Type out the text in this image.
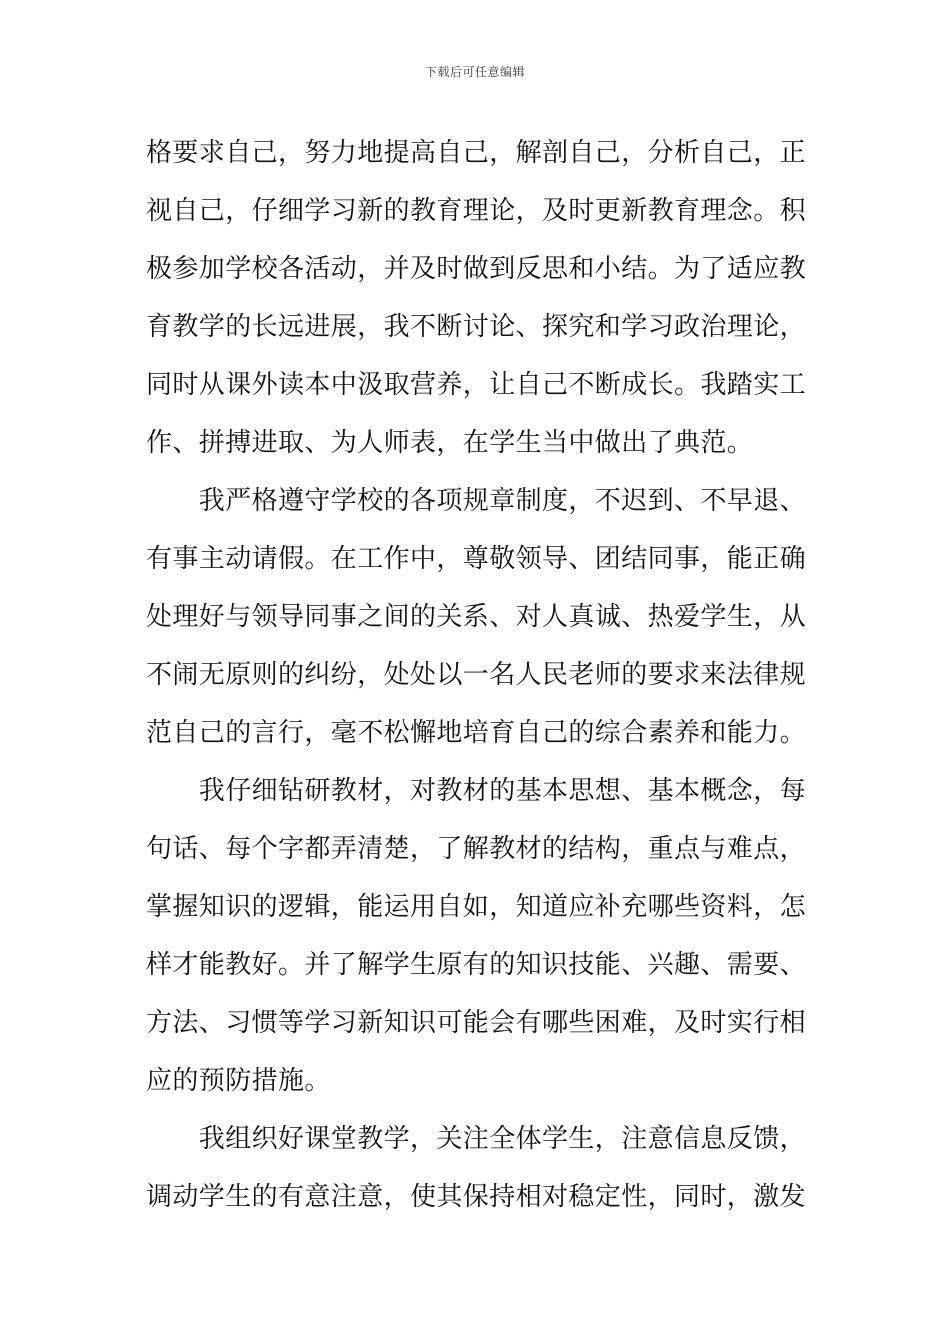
下载后可任意编辑
格要求自己，努力地提高自己，解剖自己，分析自己，正
视自己，仔细学习新的教育理论，及时更新教育理念。积
极参加学校各活动，并及时做到反思和小结。为了适应教
育教学的长远进展，我不断讨论、探究和学习政治理论，
同时从课外读本中汲取营养，让自己不断成长。我踏实工
作、拼搏进取、为人师表，在学生当中做出了典范。
　　我严格遵守学校的各项规章制度，不迟到、不早退、
有事主动请假。在工作中，尊敬领导、团结同事，能正确
处理好与领导同事之间的关系、对人真诚、热爱学生，从
不闹无原则的纠纷，处处以一名人民老师的要求来法律规
范自己的言行，毫不松懈地培育自己的综合素养和能力。
　　我仔细钻研教材，对教材的基本思想、基本概念，每
句话、每个字都弄清楚，了解教材的结构，重点与难点，
掌握知识的逻辑，能运用自如，知道应补充哪些资料，怎
样才能教好。并了解学生原有的知识技能、兴趣、需要、
方法、习惯等学习新知识可能会有哪些困难，及时实行相
应的预防措施。
　　我组织好课堂教学，关注全体学生，注意信息反馈，
调动学生的有意注意，使其保持相对稳定性，同时，激发
